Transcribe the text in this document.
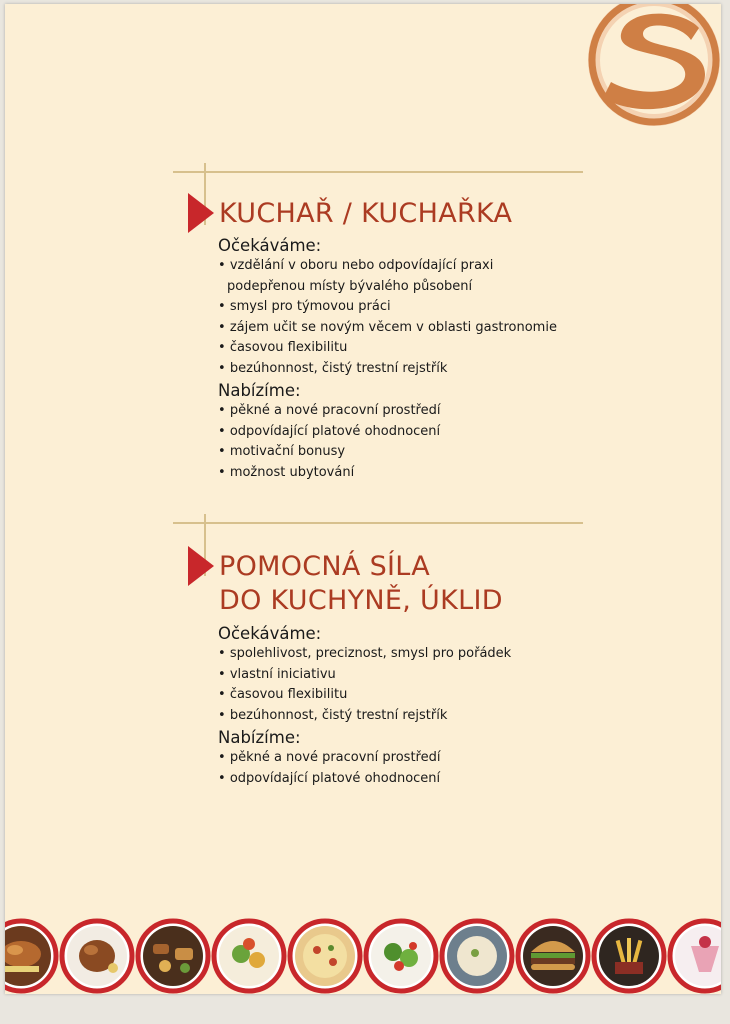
KUCHAŘ / KUCHAŘKA
Očekáváme:
• vzdělání v oboru nebo odpovídající praxi
podepřenou místy bývalého působení
• smysl pro týmovou práci
• zájem učit se novým věcem v oblasti gastronomie
• časovou flexibilitu
• bezúhonnost, čistý trestní rejstřík
Nabízíme:
• pěkné a nové pracovní prostředí
• odpovídající platové ohodnocení
• motivační bonusy
• možnost ubytování
POMOCNÁ SÍLA
DO KUCHYNĚ, ÚKLID
Očekáváme:
• spolehlivost, preciznost, smysl pro pořádek
• vlastní iniciativu
• časovou flexibilitu
• bezúhonnost, čistý trestní rejstřík
Nabízíme:
• pěkné a nové pracovní prostředí
• odpovídající platové ohodnocení
